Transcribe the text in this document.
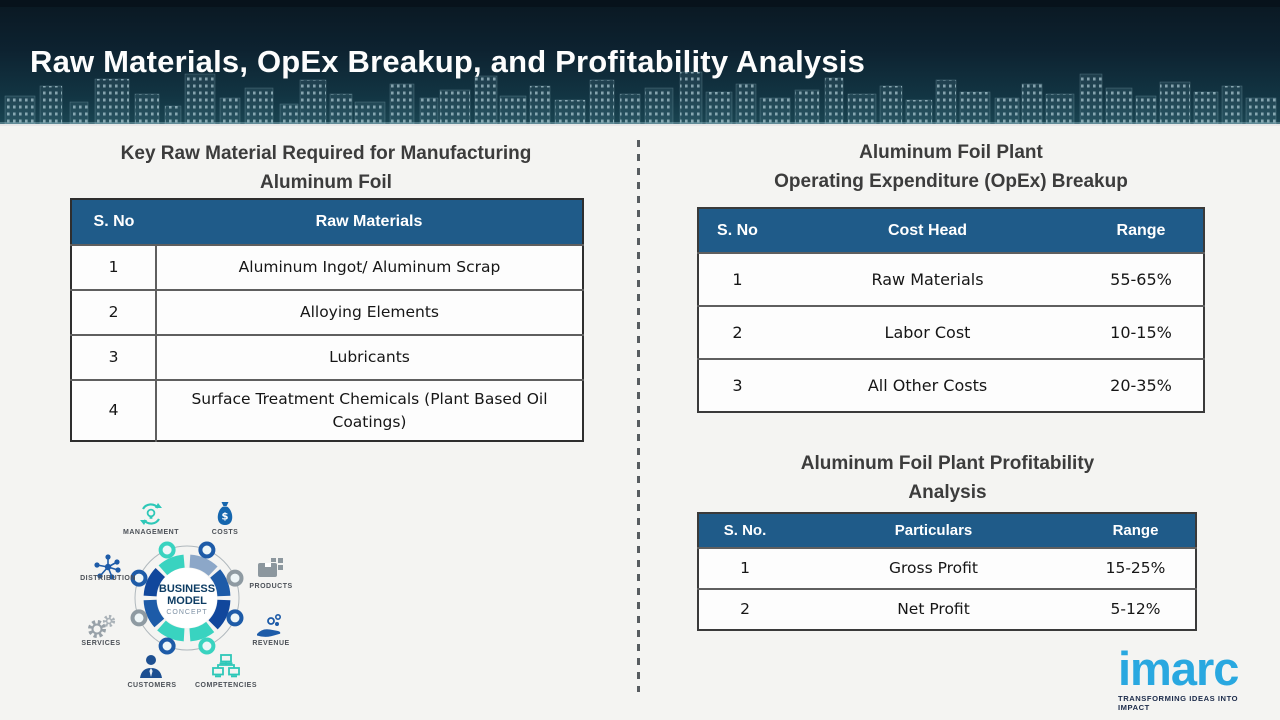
Raw Materials, OpEx Breakup, and Profitability Analysis
Key Raw Material Required for Manufacturing
Aluminum Foil
S. No	Raw Materials
1	Aluminum Ingot/ Aluminum Scrap
2	Alloying Elements
3	Lubricants
4	Surface Treatment Chemicals (Plant Based Oil Coatings)
Aluminum Foil Plant
Operating Expenditure (OpEx) Breakup
S. No	Cost Head	Range
1	Raw Materials	55-65%
2	Labor Cost	10-15%
3	All Other Costs	20-35%
Aluminum Foil Plant Profitability
Analysis
S. No.	Particulars	Range
1	Gross Profit	15-25%
2	Net Profit	5-12%
BUSINESS
MODEL
CONCEPT
$
MANAGEMENT	COSTS
DISTRIBUTION
PRODUCTS
SERVICES	REVENUE
CUSTOMERS	COMPETENCIES	imarc
TRANSFORMING IDEAS INTO IMPACT
